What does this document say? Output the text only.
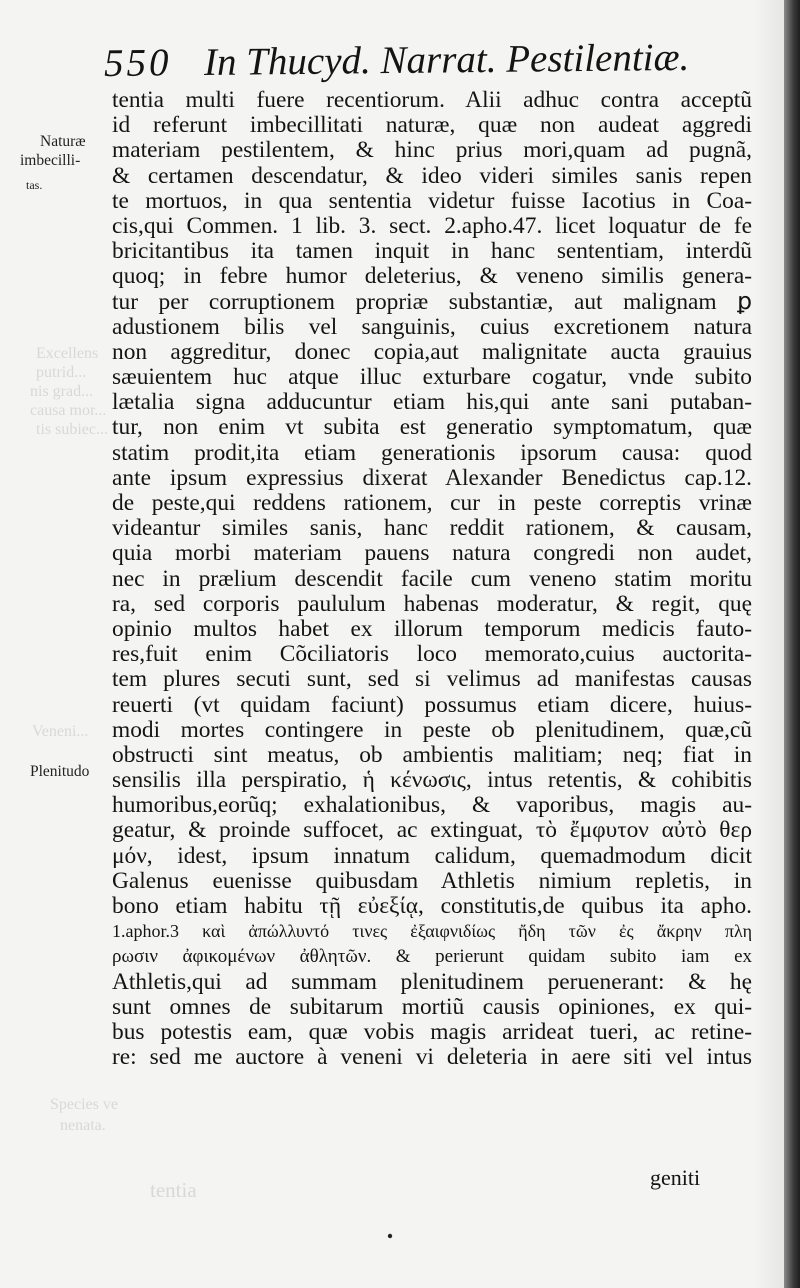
550 In Thucyd. Narrat. Pestilentiæ.
Naturæ
imbecilli-
tas.
Plenitudo
Excellens
putrid...
nis grad...
causa mor...
tis subiec...
Veneni...
Species ve
nenata.
tentia
tentia multi fuere recentiorum. Alii adhuc contra acceptũ
id referunt imbecillitati naturæ, quæ non audeat aggredi
materiam pestilentem, & hinc prius mori,quam ad pugnã,
& certamen descendatur, & ideo videri similes sanis repen
te mortuos, in qua sententia videtur fuisse Iacotius in Coa-
cis,qui Commen. 1 lib. 3. sect. 2.apho.47. licet loquatur de fe
bricitantibus ita tamen inquit in hanc sententiam, interdũ
quoq; in febre humor deleterius, & veneno similis genera-
tur per corruptionem propriæ substantiæ, aut malignam ꝑ
adustionem bilis vel sanguinis, cuius excretionem natura
non aggreditur, donec copia,aut malignitate aucta grauius
sæuientem huc atque illuc exturbare cogatur, vnde subito
lætalia signa adducuntur etiam his,qui ante sani putaban-
tur, non enim vt subita est generatio symptomatum, quæ
statim prodit,ita etiam generationis ipsorum causa: quod
ante ipsum expressius dixerat Alexander Benedictus cap.12.
de peste,qui reddens rationem, cur in peste correptis vrinæ
videantur similes sanis, hanc reddit rationem, & causam,
quia morbi materiam pauens natura congredi non audet,
nec in prælium descendit facile cum veneno statim moritu
ra, sed corporis paululum habenas moderatur, & regit, quę
opinio multos habet ex illorum temporum medicis fauto-
res,fuit enim Cõciliatoris loco memorato,cuius auctorita-
tem plures secuti sunt, sed si velimus ad manifestas causas
reuerti (vt quidam faciunt) possumus etiam dicere, huius-
modi mortes contingere in peste ob plenitudinem, quæ,cũ
obstructi sint meatus, ob ambientis malitiam; neq; fiat in
sensilis illa perspiratio, ἡ κένωσις, intus retentis, & cohibitis
humoribus,eorũq; exhalationibus, & vaporibus, magis au-
geatur, & proinde suffocet, ac extinguat, τὸ ἔμφυτον αὐτὸ θερ
μόν, idest, ipsum innatum calidum, quemadmodum dicit
Galenus euenisse quibusdam Athletis nimium repletis, in
bono etiam habitu τῇ εὐεξίᾳ, constitutis,de quibus ita apho.
1.aphor.3 καὶ ἀπώλλυντό τινες ἐξαιφνιδίως ἤδη τῶν ἐς ἄκρην πλη
ρωσιν ἀφικομένων ἀθλητῶν. & perierunt quidam subito iam ex
Athletis,qui ad summam plenitudinem peruenerant: & hę
sunt omnes de subitarum mortiũ causis opiniones, ex qui-
bus potestis eam, quæ vobis magis arrideat tueri, ac retine-
re: sed me auctore à veneni vi deleteria in aere siti vel intus
geniti
